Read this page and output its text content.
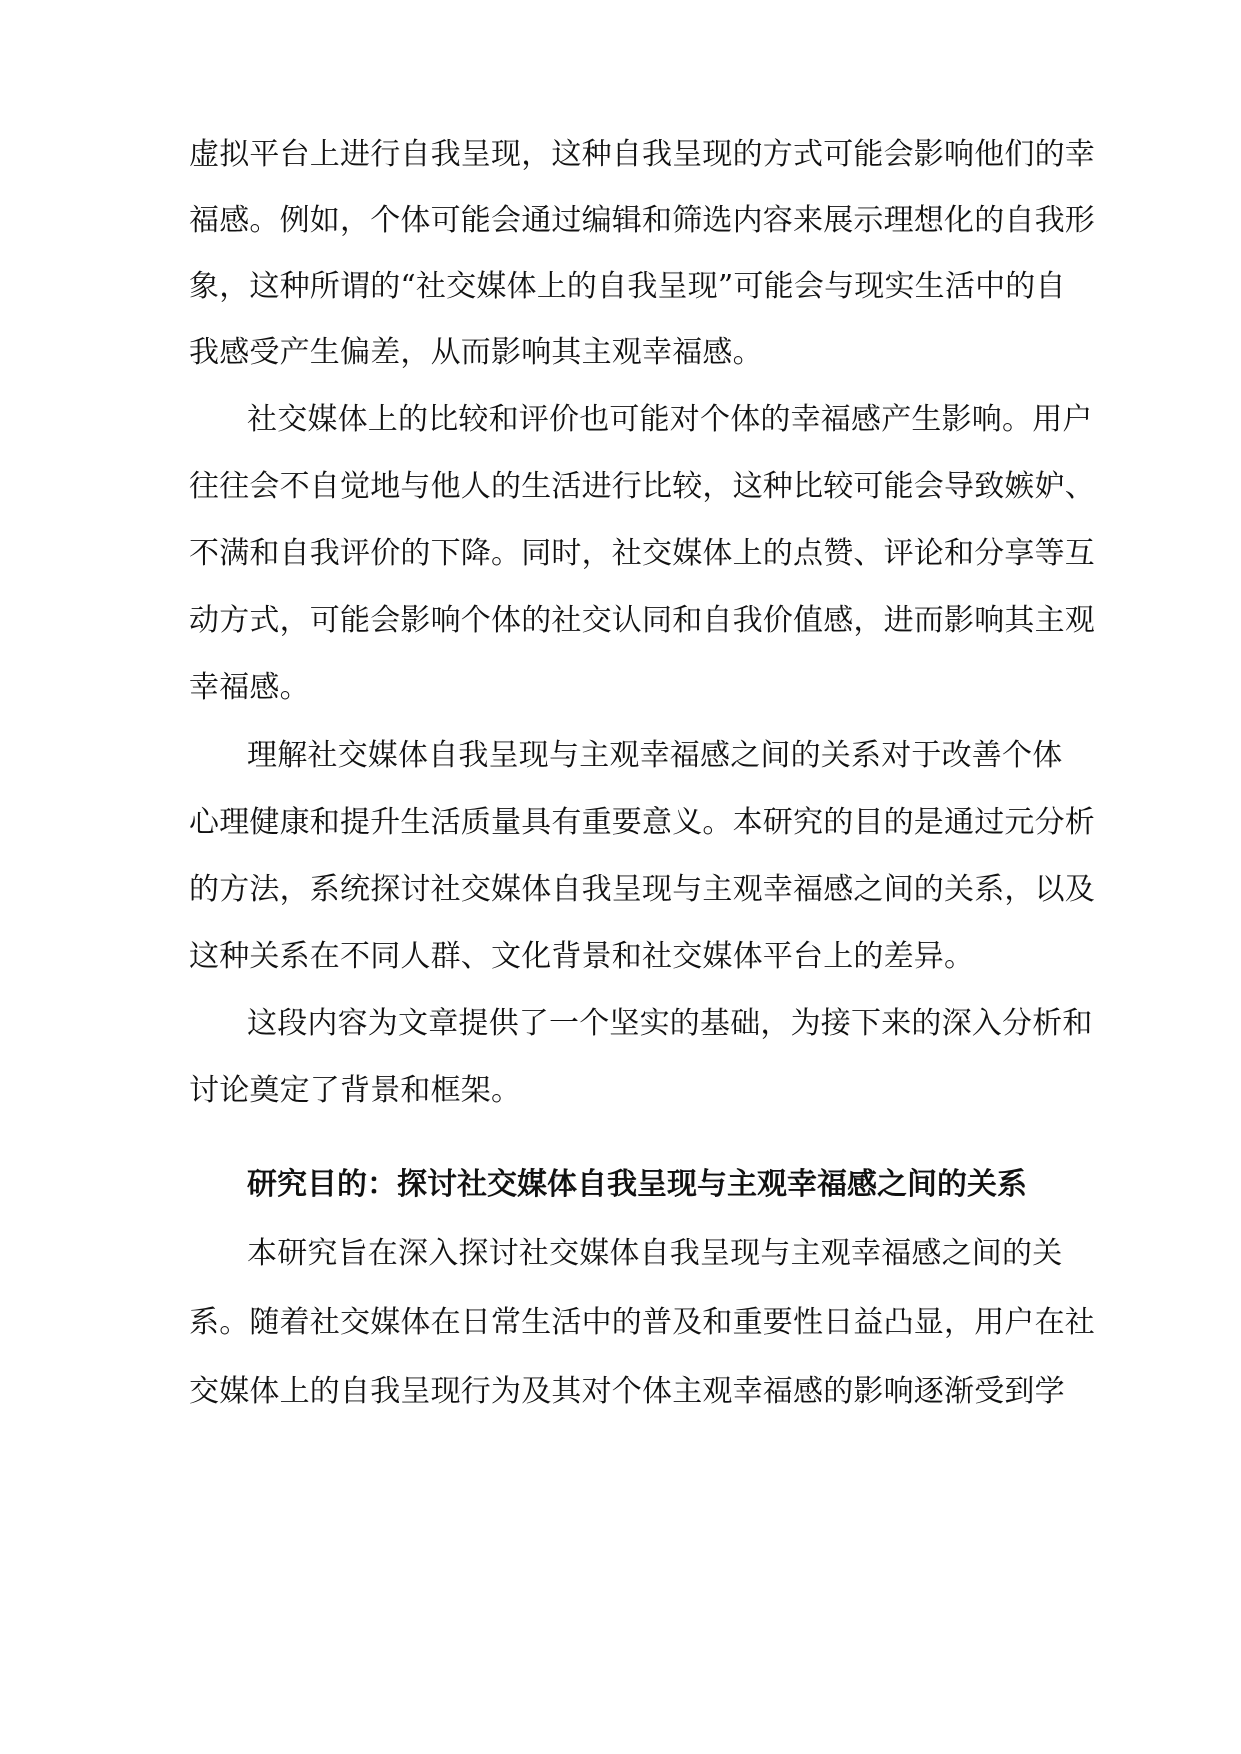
虚拟平台上进行自我呈现，这种自我呈现的方式可能会影响他们的幸
福感。例如，个体可能会通过编辑和筛选内容来展示理想化的自我形
象，这种所谓的“社交媒体上的自我呈现”可能会与现实生活中的自
我感受产生偏差，从而影响其主观幸福感。
社交媒体上的比较和评价也可能对个体的幸福感产生影响。用户
往往会不自觉地与他人的生活进行比较，这种比较可能会导致嫉妒、
不满和自我评价的下降。同时，社交媒体上的点赞、评论和分享等互
动方式，可能会影响个体的社交认同和自我价值感，进而影响其主观
幸福感。
理解社交媒体自我呈现与主观幸福感之间的关系对于改善个体
心理健康和提升生活质量具有重要意义。本研究的目的是通过元分析
的方法，系统探讨社交媒体自我呈现与主观幸福感之间的关系，以及
这种关系在不同人群、文化背景和社交媒体平台上的差异。
这段内容为文章提供了一个坚实的基础，为接下来的深入分析和
讨论奠定了背景和框架。
研究目的：探讨社交媒体自我呈现与主观幸福感之间的关系
本研究旨在深入探讨社交媒体自我呈现与主观幸福感之间的关
系。随着社交媒体在日常生活中的普及和重要性日益凸显，用户在社
交媒体上的自我呈现行为及其对个体主观幸福感的影响逐渐受到学
